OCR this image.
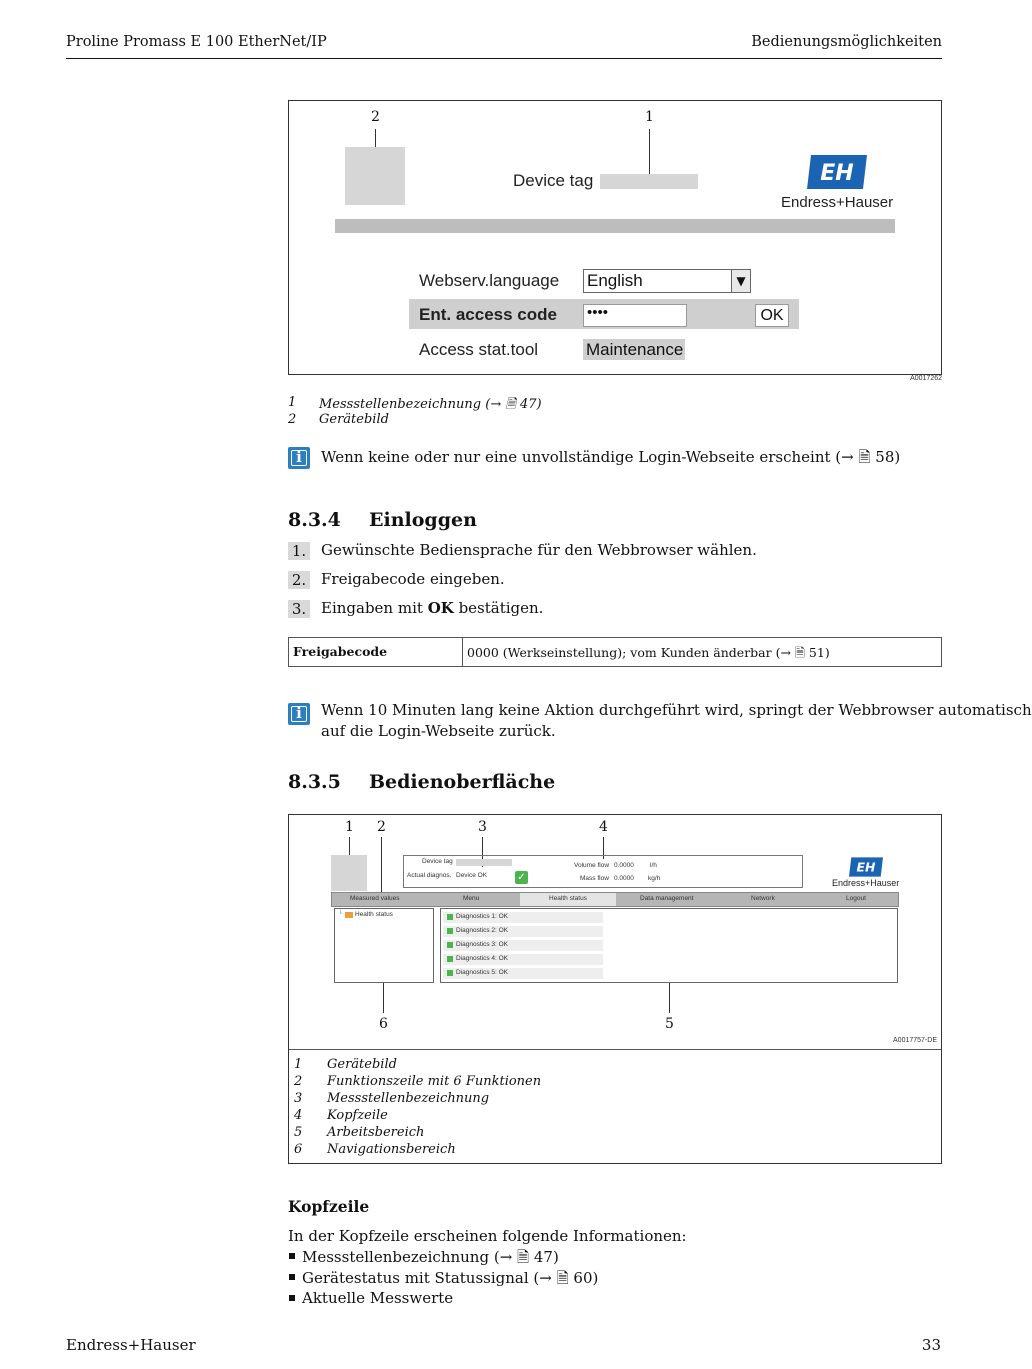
Proline Promass E 100 EtherNet/IP	Bedienungsmöglichkeiten
2	1
Device tag	EH
Endress+Hauser
Webserv.language English	▼
Ent. access code ••••	OK
Access stat.tool	Maintenance
A0017262
1 Messstellenbezeichnung (→ 🗎 47)
2 Gerätebild
i	Wenn keine oder nur eine unvollständige Login-Webseite erscheint (→ 🗎 58)
8.3.4 Einloggen
1. Gewünschte Bediensprache für den Webbrowser wählen.
2. Freigabecode eingeben.
3. Eingaben mit OK bestätigen.
Freigabecode	0000 (Werkseinstellung); vom Kunden änderbar (→ 🗎 51)
i	Wenn 10 Minuten lang keine Aktion durchgeführt wird, springt der Webbrowser automatisch
auf die Login-Webseite zurück.
8.3.5 Bedienoberfläche
1 2	3	4
Device tag
Actual diagnos. Device OK	✓
Volume flow 0.0000 l/h
Mass flow 0.0000 kg/h
EH
Endress+Hauser
Measured values	Menu	Health status	Data management	Network	Logout
└ Health status	Diagnostics 1: OK
Diagnostics 2: OK
Diagnostics 3: OK
Diagnostics 4: OK
Diagnostics 5: OK
6	5
A0017757-DE
1 Gerätebild
2 Funktionszeile mit 6 Funktionen
3 Messstellenbezeichnung
4 Kopfzeile
5 Arbeitsbereich
6 Navigationsbereich
Kopfzeile
In der Kopfzeile erscheinen folgende Informationen:
Messstellenbezeichnung (→ 🗎 47)
Gerätestatus mit Statussignal (→ 🗎 60)
Aktuelle Messwerte
Endress+Hauser	33
